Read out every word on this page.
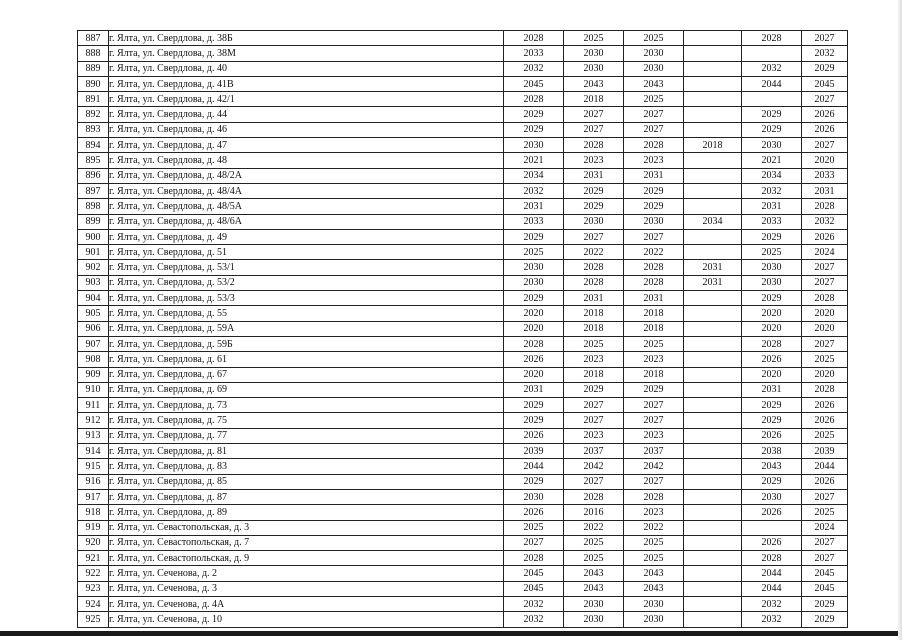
887	г. Ялта, ул. Свердлова, д. 38Б	2028	2025	2025		2028	2027
888	г. Ялта, ул. Свердлова, д. 38М	2033	2030	2030			2032
889	г. Ялта, ул. Свердлова, д. 40	2032	2030	2030		2032	2029
890	г. Ялта, ул. Свердлова, д. 41В	2045	2043	2043		2044	2045
891	г. Ялта, ул. Свердлова, д. 42/1	2028	2018	2025			2027
892	г. Ялта, ул. Свердлова, д. 44	2029	2027	2027		2029	2026
893	г. Ялта, ул. Свердлова, д. 46	2029	2027	2027		2029	2026
894	г. Ялта, ул. Свердлова, д. 47	2030	2028	2028	2018	2030	2027
895	г. Ялта, ул. Свердлова, д. 48	2021	2023	2023		2021	2020
896	г. Ялта, ул. Свердлова, д. 48/2А	2034	2031	2031		2034	2033
897	г. Ялта, ул. Свердлова, д. 48/4А	2032	2029	2029		2032	2031
898	г. Ялта, ул. Свердлова, д. 48/5А	2031	2029	2029		2031	2028
899	г. Ялта, ул. Свердлова, д. 48/6А	2033	2030	2030	2034	2033	2032
900	г. Ялта, ул. Свердлова, д. 49	2029	2027	2027		2029	2026
901	г. Ялта, ул. Свердлова, д. 51	2025	2022	2022		2025	2024
902	г. Ялта, ул. Свердлова, д. 53/1	2030	2028	2028	2031	2030	2027
903	г. Ялта, ул. Свердлова, д. 53/2	2030	2028	2028	2031	2030	2027
904	г. Ялта, ул. Свердлова, д. 53/3	2029	2031	2031		2029	2028
905	г. Ялта, ул. Свердлова, д. 55	2020	2018	2018		2020	2020
906	г. Ялта, ул. Свердлова, д. 59А	2020	2018	2018		2020	2020
907	г. Ялта, ул. Свердлова, д. 59Б	2028	2025	2025		2028	2027
908	г. Ялта, ул. Свердлова, д. 61	2026	2023	2023		2026	2025
909	г. Ялта, ул. Свердлова, д. 67	2020	2018	2018		2020	2020
910	г. Ялта, ул. Свердлова, д. 69	2031	2029	2029		2031	2028
911	г. Ялта, ул. Свердлова, д. 73	2029	2027	2027		2029	2026
912	г. Ялта, ул. Свердлова, д. 75	2029	2027	2027		2029	2026
913	г. Ялта, ул. Свердлова, д. 77	2026	2023	2023		2026	2025
914	г. Ялта, ул. Свердлова, д. 81	2039	2037	2037		2038	2039
915	г. Ялта, ул. Свердлова, д. 83	2044	2042	2042		2043	2044
916	г. Ялта, ул. Свердлова, д. 85	2029	2027	2027		2029	2026
917	г. Ялта, ул. Свердлова, д. 87	2030	2028	2028		2030	2027
918	г. Ялта, ул. Свердлова, д. 89	2026	2016	2023		2026	2025
919	г. Ялта, ул. Севастопольская, д. 3	2025	2022	2022			2024
920	г. Ялта, ул. Севастопольская, д. 7	2027	2025	2025		2026	2027
921	г. Ялта, ул. Севастопольская, д. 9	2028	2025	2025		2028	2027
922	г. Ялта, ул. Сеченова, д. 2	2045	2043	2043		2044	2045
923	г. Ялта, ул. Сеченова, д. 3	2045	2043	2043		2044	2045
924	г. Ялта, ул. Сеченова, д. 4А	2032	2030	2030		2032	2029
925	г. Ялта, ул. Сеченова, д. 10	2032	2030	2030		2032	2029
